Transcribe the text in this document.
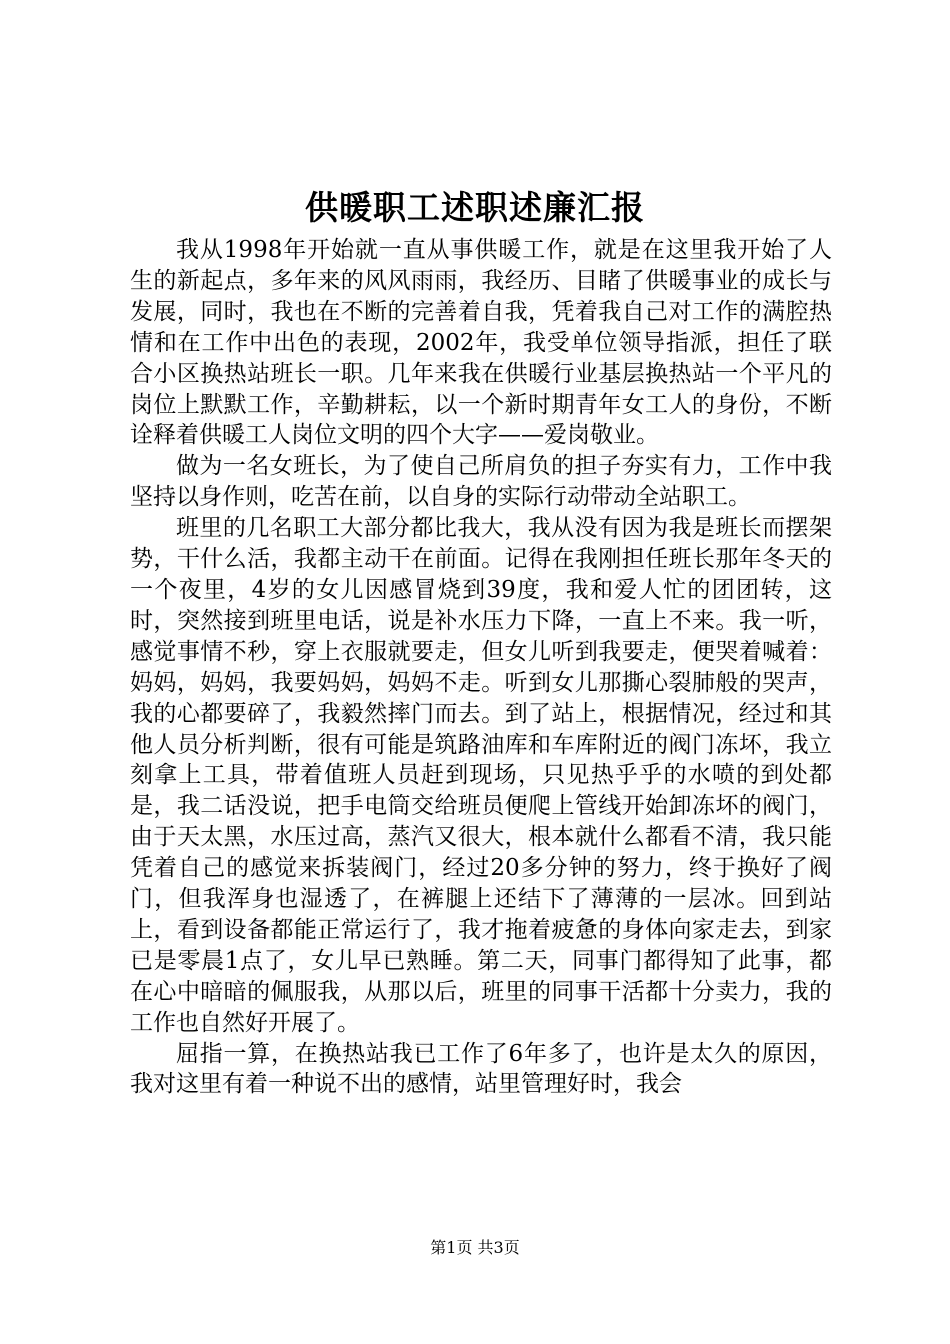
供暖职工述职述廉汇报

我从1998年开始就一直从事供暖工作，就是在这里我开始了人生的新起点，多年来的风风雨雨，我经历、目睹了供暖事业的成长与发展，同时，我也在不断的完善着自我，凭着我自己对工作的满腔热情和在工作中出色的表现，2002年，我受单位领导指派，担任了联合小区换热站班长一职。几年来我在供暖行业基层换热站一个平凡的岗位上默默工作，辛勤耕耘，以一个新时期青年女工人的身份，不断诠释着供暖工人岗位文明的四个大字——爱岗敬业。

做为一名女班长，为了使自己所肩负的担子夯实有力，工作中我坚持以身作则，吃苦在前，以自身的实际行动带动全站职工。

班里的几名职工大部分都比我大，我从没有因为我是班长而摆架势，干什么活，我都主动干在前面。记得在我刚担任班长那年冬天的一个夜里，4岁的女儿因感冒烧到39度，我和爱人忙的团团转，这时，突然接到班里电话，说是补水压力下降，一直上不来。我一听，感觉事情不秒，穿上衣服就要走，但女儿听到我要走，便哭着喊着：妈妈，妈妈，我要妈妈，妈妈不走。听到女儿那撕心裂肺般的哭声，我的心都要碎了，我毅然摔门而去。到了站上，根据情况，经过和其他人员分析判断，很有可能是筑路油库和车库附近的阀门冻坏，我立刻拿上工具，带着值班人员赶到现场，只见热乎乎的水喷的到处都是，我二话没说，把手电筒交给班员便爬上管线开始卸冻坏的阀门，由于天太黑，水压过高，蒸汽又很大，根本就什么都看不清，我只能凭着自己的感觉来拆装阀门，经过20多分钟的努力，终于换好了阀门，但我浑身也湿透了，在裤腿上还结下了薄薄的一层冰。回到站上，看到设备都能正常运行了，我才拖着疲惫的身体向家走去，到家已是零晨1点了，女儿早已熟睡。第二天，同事门都得知了此事，都在心中暗暗的佩服我，从那以后，班里的同事干活都十分卖力，我的工作也自然好开展了。

屈指一算，在换热站我已工作了6年多了，也许是太久的原因，我对这里有着一种说不出的感情，站里管理好时，我会

第1页 共3页
